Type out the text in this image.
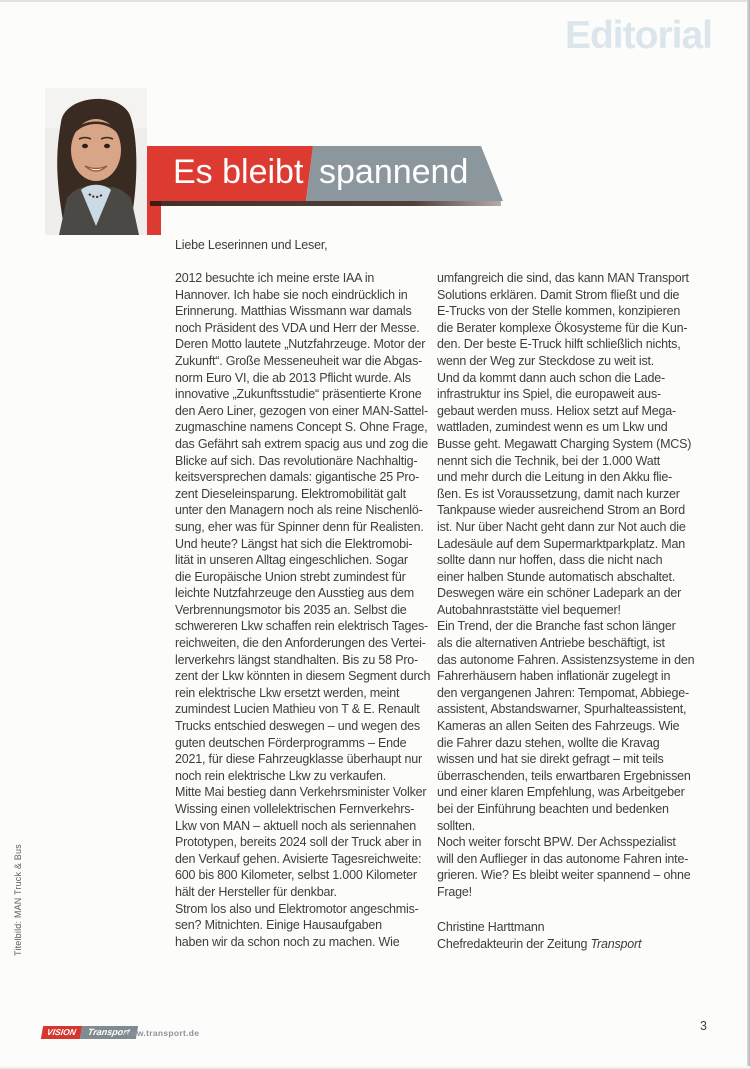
Editorial
Es bleibt spannend
Liebe Leserinnen und Leser,
2012 besuchte ich meine erste IAA in
Hannover. Ich habe sie noch eindrücklich in
Erinnerung. Matthias Wissmann war damals
noch Präsident des VDA und Herr der Messe.
Deren Motto lautete „Nutzfahrzeuge. Motor der
Zukunft“. Große Messeneuheit war die Abgas-
norm Euro VI, die ab 2013 Pflicht wurde. Als
innovative „Zukunftsstudie“ präsentierte Krone
den Aero Liner, gezogen von einer MAN-Sattel-
zugmaschine namens Concept S. Ohne Frage,
das Gefährt sah extrem spacig aus und zog die
Blicke auf sich. Das revolutionäre Nachhaltig-
keitsversprechen damals: gigantische 25 Pro-
zent Dieseleinsparung. Elektromobilität galt
unter den Managern noch als reine Nischenlö-
sung, eher was für Spinner denn für Realisten.
Und heute? Längst hat sich die Elektromobi-
lität in unseren Alltag eingeschlichen. Sogar
die Europäische Union strebt zumindest für
leichte Nutzfahrzeuge den Ausstieg aus dem
Verbrennungsmotor bis 2035 an. Selbst die
schwereren Lkw schaffen rein elektrisch Tages-
reichweiten, die den Anforderungen des Vertei-
lerverkehrs längst standhalten. Bis zu 58 Pro-
zent der Lkw könnten in diesem Segment durch
rein elektrische Lkw ersetzt werden, meint
zumindest Lucien Mathieu von T & E. Renault
Trucks entschied deswegen – und wegen des
guten deutschen Förderprogramms – Ende
2021, für diese Fahrzeugklasse überhaupt nur
noch rein elektrische Lkw zu verkaufen.
Mitte Mai bestieg dann Verkehrsminister Volker
Wissing einen vollelektrischen Fernverkehrs-
Lkw von MAN – aktuell noch als seriennahen
Prototypen, bereits 2024 soll der Truck aber in
den Verkauf gehen. Avisierte Tagesreichweite:
600 bis 800 Kilometer, selbst 1.000 Kilometer
hält der Hersteller für denkbar.
Strom los also und Elektromotor angeschmis-
sen? Mitnichten. Einige Hausaufgaben
haben wir da schon noch zu machen. Wie
umfangreich die sind, das kann MAN Transport
Solutions erklären. Damit Strom fließt und die
E-Trucks von der Stelle kommen, konzipieren
die Berater komplexe Ökosysteme für die Kun-
den. Der beste E-Truck hilft schließlich nichts,
wenn der Weg zur Steckdose zu weit ist.
Und da kommt dann auch schon die Lade-
infrastruktur ins Spiel, die europaweit aus-
gebaut werden muss. Heliox setzt auf Mega-
wattladen, zumindest wenn es um Lkw und
Busse geht. Megawatt Charging System (MCS)
nennt sich die Technik, bei der 1.000 Watt
und mehr durch die Leitung in den Akku flie-
ßen. Es ist Voraussetzung, damit nach kurzer
Tankpause wieder ausreichend Strom an Bord
ist. Nur über Nacht geht dann zur Not auch die
Ladesäule auf dem Supermarktparkplatz. Man
sollte dann nur hoffen, dass die nicht nach
einer halben Stunde automatisch abschaltet.
Deswegen wäre ein schöner Ladepark an der
Autobahnraststätte viel bequemer!
Ein Trend, der die Branche fast schon länger
als die alternativen Antriebe beschäftigt, ist
das autonome Fahren. Assistenzsysteme in den
Fahrerhäusern haben inflationär zugelegt in
den vergangenen Jahren: Tempomat, Abbiege-
assistent, Abstandswarner, Spurhalteassistent,
Kameras an allen Seiten des Fahrzeugs. Wie
die Fahrer dazu stehen, wollte die Kravag
wissen und hat sie direkt gefragt – mit teils
überraschenden, teils erwartbaren Ergebnissen
und einer klaren Empfehlung, was Arbeitgeber
bei der Einführung beachten und bedenken
sollten.
Noch weiter forscht BPW. Der Achsspezialist
will den Auflieger in das autonome Fahren inte-
grieren. Wie? Es bleibt weiter spannend – ohne
Frage!
Christine Harttmann
Chefredakteurin der Zeitung Transport
Titelbild: MAN Truck & Bus
VISION	Transport
www.transport.de	3
